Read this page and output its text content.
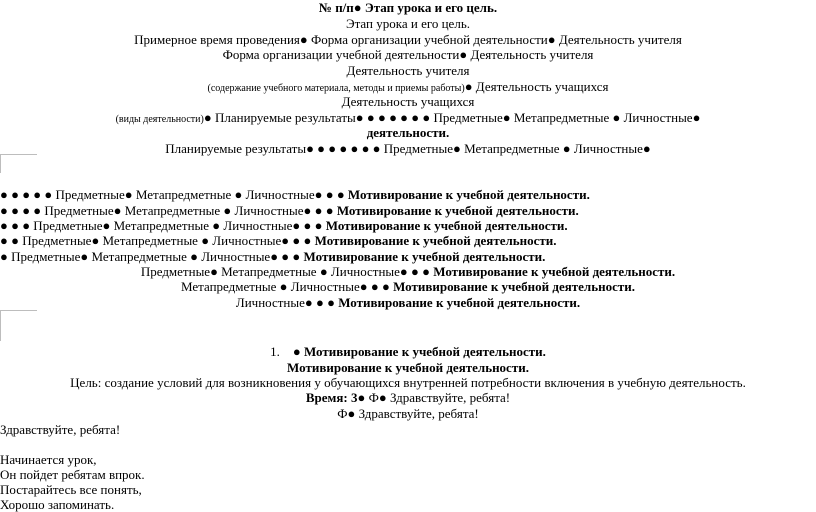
№ п/п● Этап урока и его цель.
Этап урока и его цель.
Примерное время проведения● Форма организации учебной деятельности● Деятельность учителя
Форма организации учебной деятельности● Деятельность учителя
Деятельность учителя
(содержание учебного материала, методы и приемы работы)● Деятельность учащихся
Деятельность учащихся
(виды деятельности)● Планируемые результаты● ● ● ● ● ● ● Предметные● Метапредметные ● Личностные●
деятельности.
Планируемые результаты● ● ● ● ● ● ● Предметные● Метапредметные ● Личностные●
● ● ● ● ● Предметные● Метапредметные ● Личностные● ● ● Мотивирование к учебной деятельности.
● ● ● ● Предметные● Метапредметные ● Личностные● ● ● Мотивирование к учебной деятельности.
● ● ● Предметные● Метапредметные ● Личностные● ● ● Мотивирование к учебной деятельности.
● ● Предметные● Метапредметные ● Личностные● ● ● Мотивирование к учебной деятельности.
● Предметные● Метапредметные ● Личностные● ● ● Мотивирование к учебной деятельности.
Предметные● Метапредметные ● Личностные● ● ● Мотивирование к учебной деятельности.
Метапредметные ● Личностные● ● ● Мотивирование к учебной деятельности.
Личностные● ● ● Мотивирование к учебной деятельности.
1. ● Мотивирование к учебной деятельности.
Мотивирование к учебной деятельности.
Цель: создание условий для возникновения у обучающихся внутренней потребности включения в учебную деятельность.
Время: 3● Ф● Здравствуйте, ребята!
Ф● Здравствуйте, ребята!
Здравствуйте, ребята!
Начинается урок,
Он пойдет ребятам впрок.
Постарайтесь все понять,
Хорошо запоминать.
